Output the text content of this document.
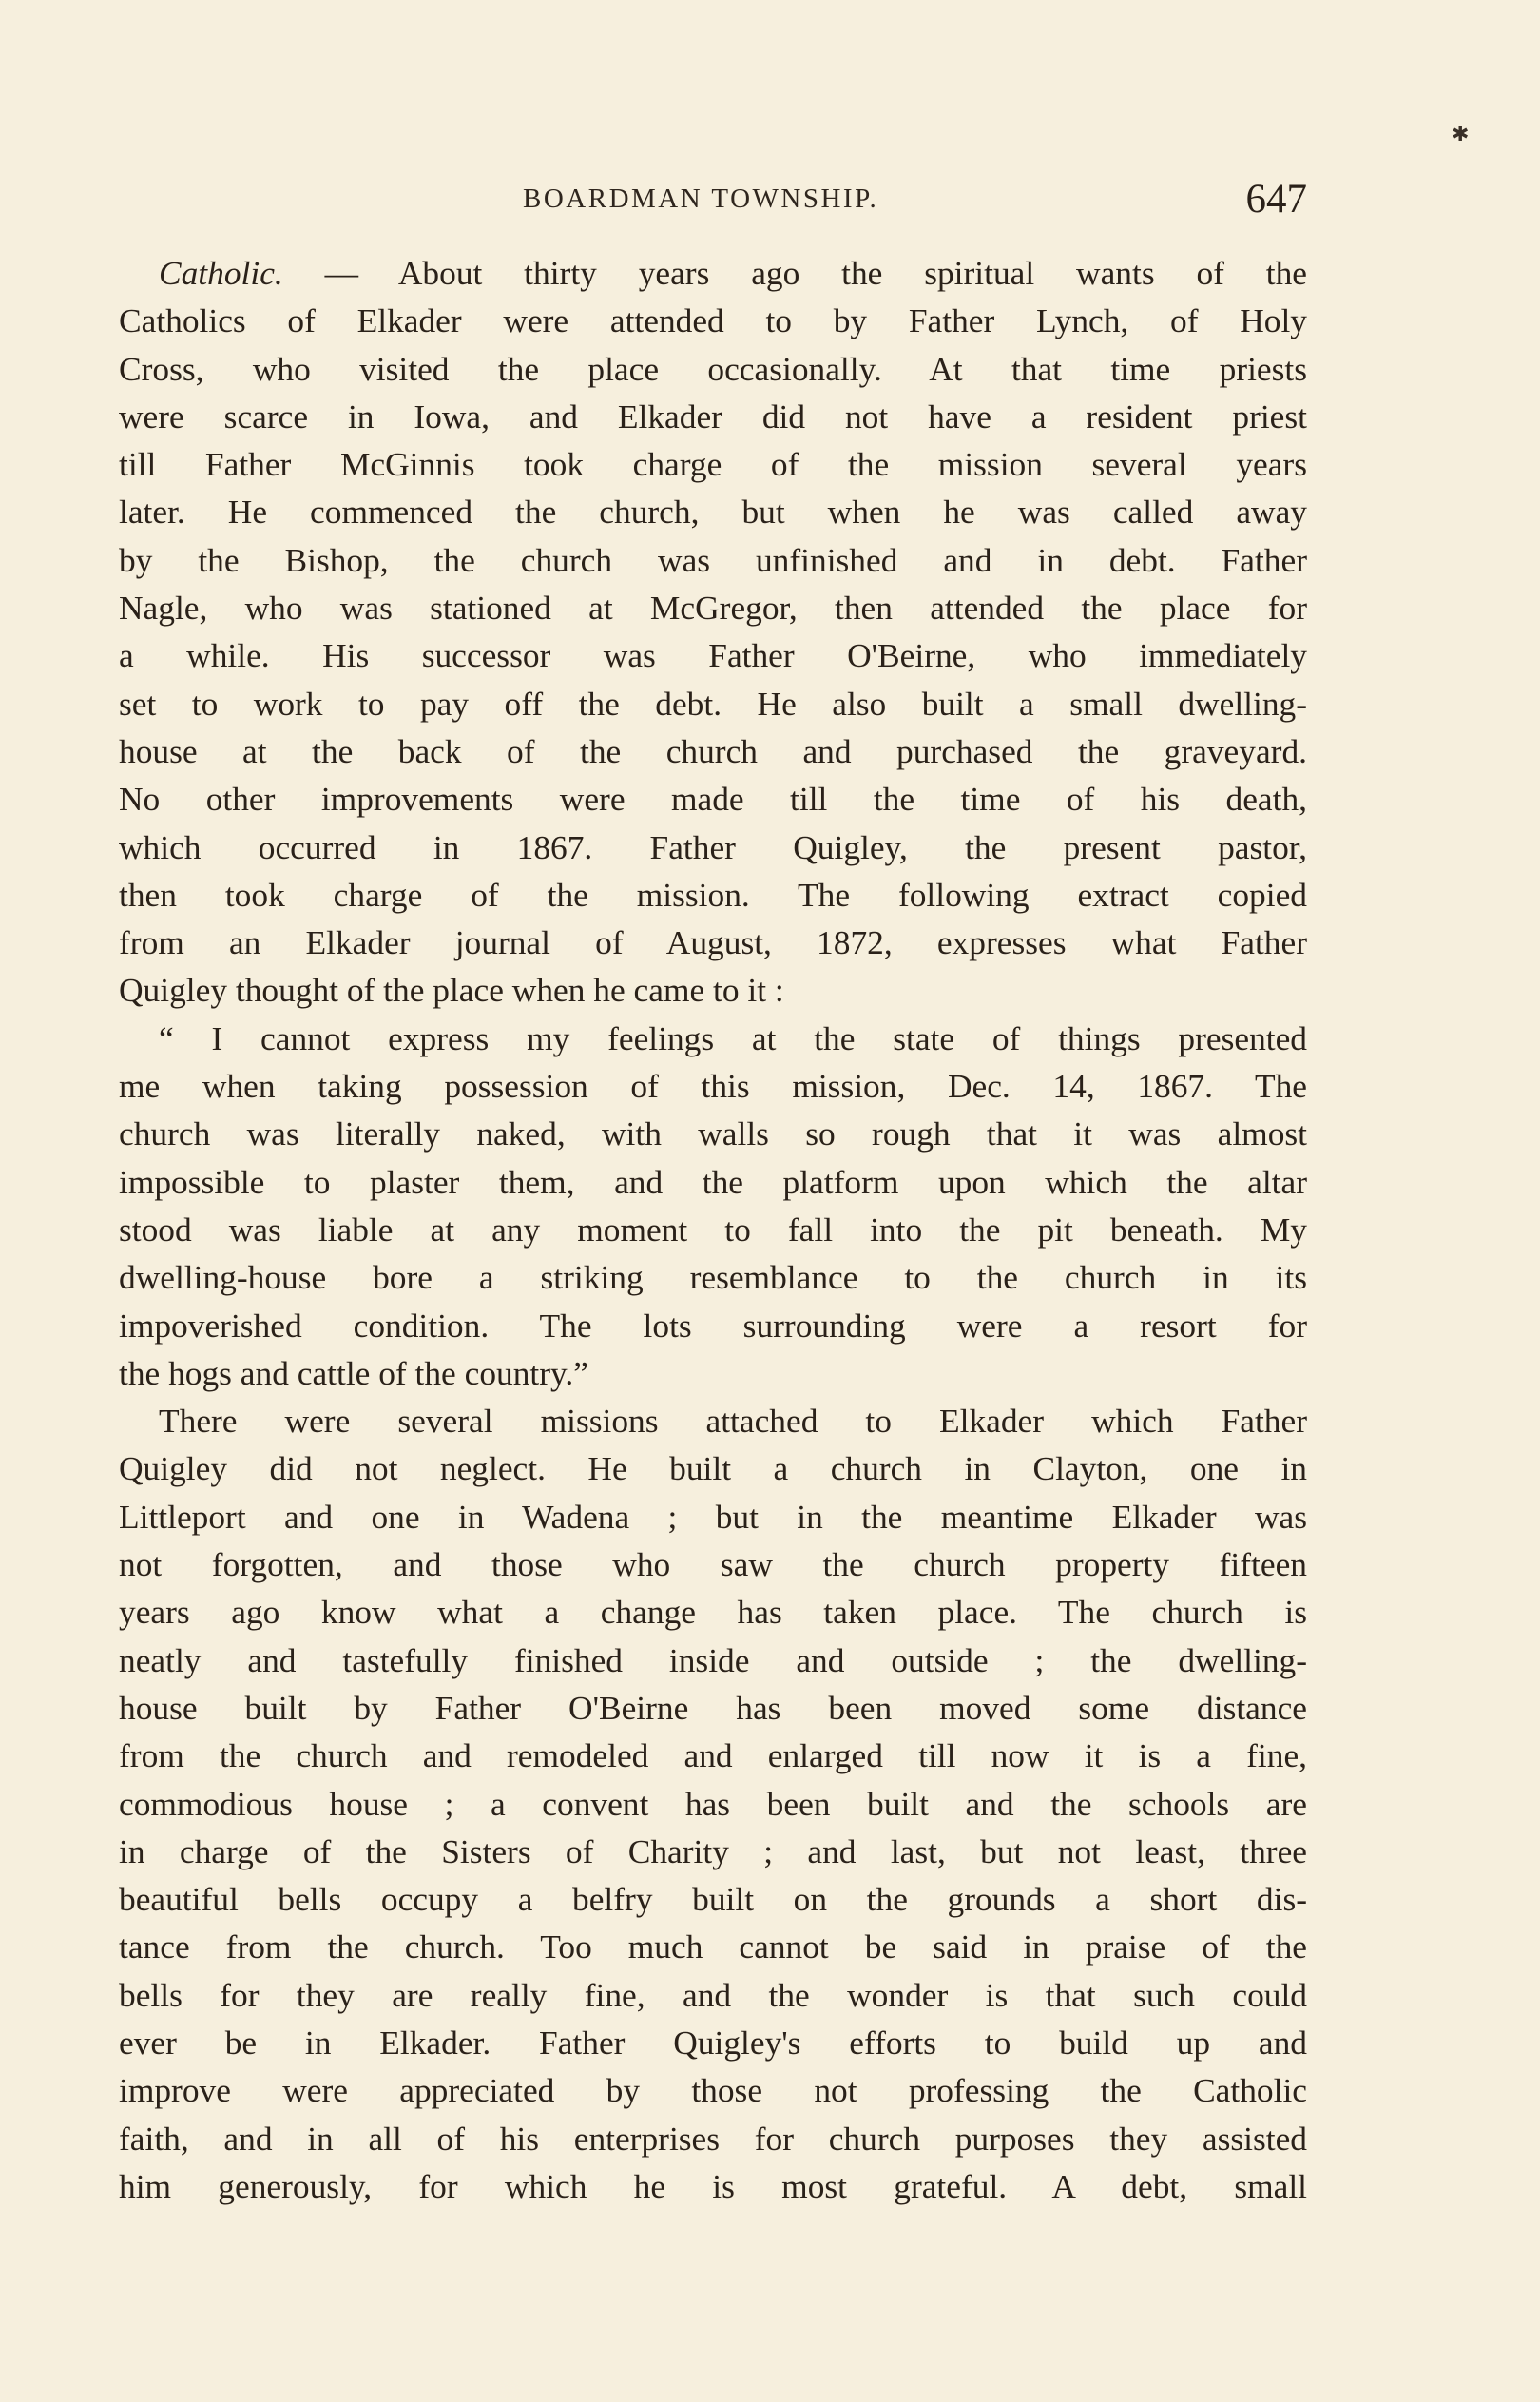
✱
BOARDMAN TOWNSHIP.	647
Catholic. — About thirty years ago the spiritual wants of the
Catholics of Elkader were attended to by Father Lynch, of Holy
Cross, who visited the place occasionally. At that time priests
were scarce in Iowa, and Elkader did not have a resident priest
till Father McGinnis took charge of the mission several years
later. He commenced the church, but when he was called away
by the Bishop, the church was unfinished and in debt. Father
Nagle, who was stationed at McGregor, then attended the place for
a while. His successor was Father O'Beirne, who immediately
set to work to pay off the debt. He also built a small dwelling-
house at the back of the church and purchased the graveyard.
No other improvements were made till the time of his death,
which occurred in 1867. Father Quigley, the present pastor,
then took charge of the mission. The following extract copied
from an Elkader journal of August, 1872, expresses what Father
Quigley thought of the place when he came to it :
“ I cannot express my feelings at the state of things presented
me when taking possession of this mission, Dec. 14, 1867. The
church was literally naked, with walls so rough that it was almost
impossible to plaster them, and the platform upon which the altar
stood was liable at any moment to fall into the pit beneath. My
dwelling-house bore a striking resemblance to the church in its
impoverished condition. The lots surrounding were a resort for
the hogs and cattle of the country.”
There were several missions attached to Elkader which Father
Quigley did not neglect. He built a church in Clayton, one in
Littleport and one in Wadena ; but in the meantime Elkader was
not forgotten, and those who saw the church property fifteen
years ago know what a change has taken place. The church is
neatly and tastefully finished inside and outside ; the dwelling-
house built by Father O'Beirne has been moved some distance
from the church and remodeled and enlarged till now it is a fine,
commodious house ; a convent has been built and the schools are
in charge of the Sisters of Charity ; and last, but not least, three
beautiful bells occupy a belfry built on the grounds a short dis-
tance from the church. Too much cannot be said in praise of the
bells for they are really fine, and the wonder is that such could
ever be in Elkader. Father Quigley's efforts to build up and
improve were appreciated by those not professing the Catholic
faith, and in all of his enterprises for church purposes they assisted
him generously, for which he is most grateful. A debt, small
